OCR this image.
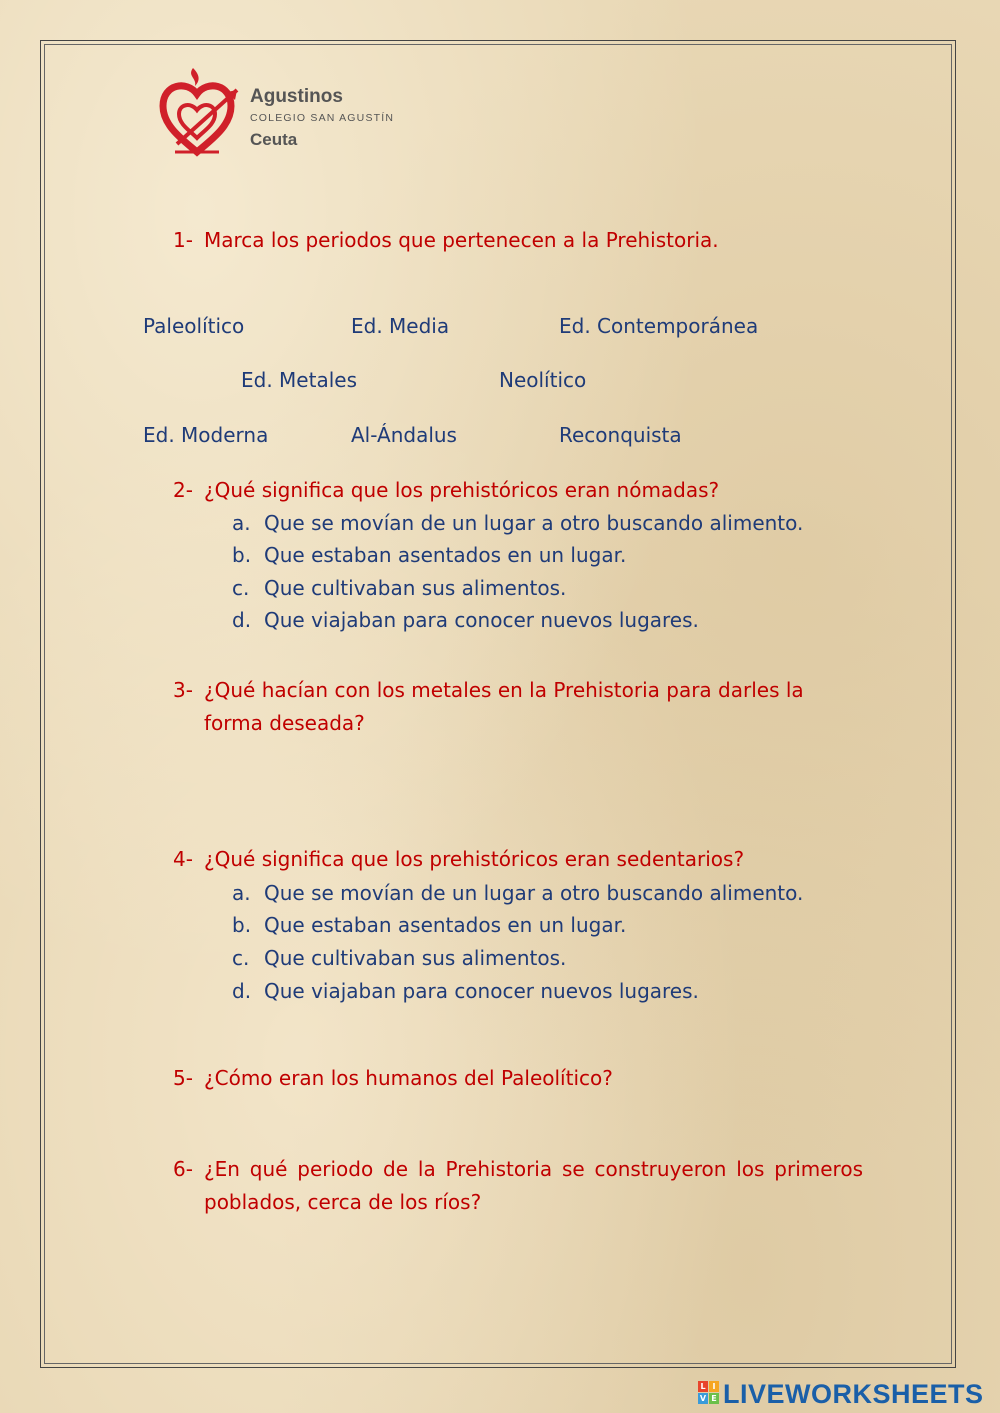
Agustinos
COLEGIO SAN AGUSTÍN
Ceuta
1- Marca los periodos que pertenecen a la Prehistoria.
Paleolítico	Ed. Media	Ed. Contemporánea
Ed. Metales	Neolítico
Ed. Moderna	Al-Ándalus	Reconquista
2- ¿Qué significa que los prehistóricos eran nómadas?
a. Que se movían de un lugar a otro buscando alimento.
b. Que estaban asentados en un lugar.
c. Que cultivaban sus alimentos.
d. Que viajaban para conocer nuevos lugares.
3- ¿Qué hacían con los metales en la Prehistoria para darles la forma deseada?
4- ¿Qué significa que los prehistóricos eran sedentarios?
a. Que se movían de un lugar a otro buscando alimento.
b. Que estaban asentados en un lugar.
c. Que cultivaban sus alimentos.
d. Que viajaban para conocer nuevos lugares.
5- ¿Cómo eran los humanos del Paleolítico?
6- ¿En qué periodo de la Prehistoria se construyeron los primeros poblados, cerca de los ríos?
L I
V E LIVEWORKSHEETS
